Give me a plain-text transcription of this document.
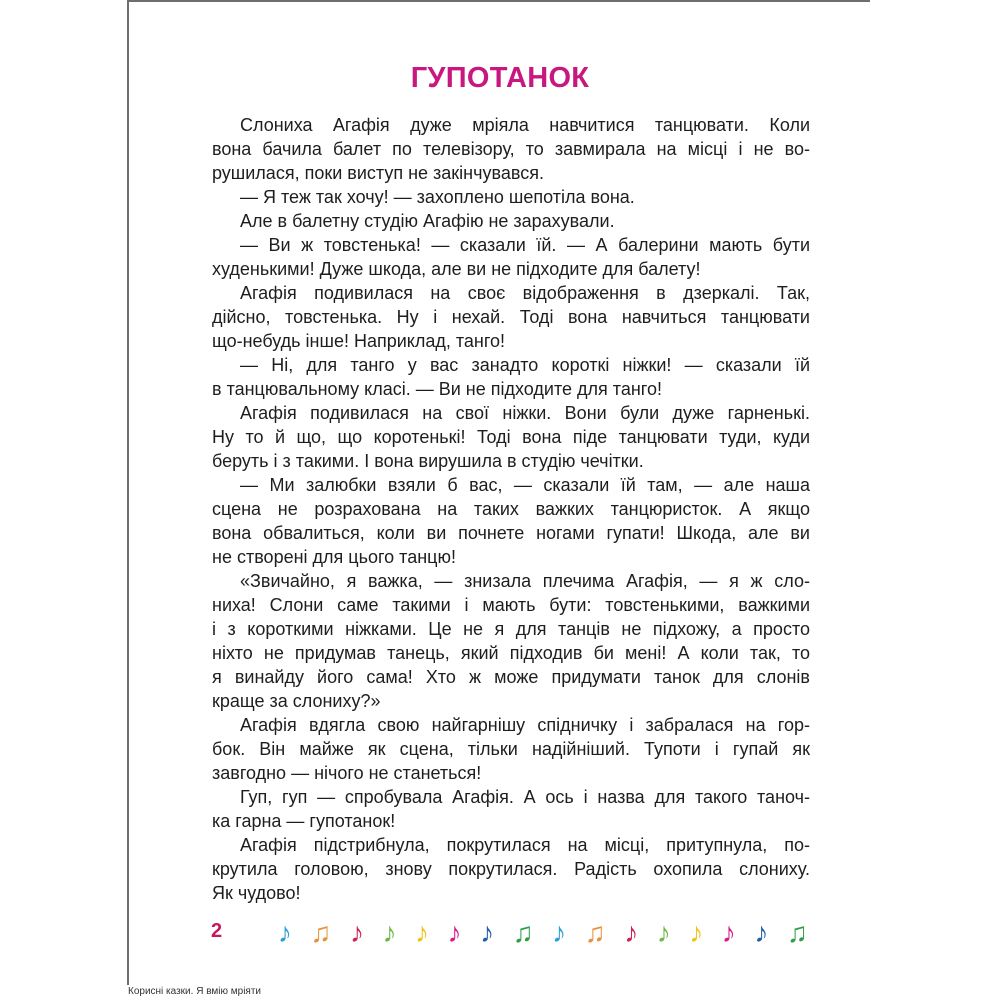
ГУПОТАНОК
Слониха Агафія дуже мріяла навчитися танцювати. Коли
вона бачила балет по телевізору, то завмирала на місці і не во-
рушилася, поки виступ не закінчувався.
— Я теж так хочу! — захоплено шепотіла вона.
Але в балетну студію Агафію не зарахували.
— Ви ж товстенька! — сказали їй. — А балерини мають бути
худенькими! Дуже шкода, але ви не підходите для балету!
Агафія подивилася на своє відображення в дзеркалі. Так,
дійсно, товстенька. Ну і нехай. Тоді вона навчиться танцювати
що-небудь інше! Наприклад, танго!
— Ні, для танго у вас занадто короткі ніжки! — сказали їй
в танцювальному класі. — Ви не підходите для танго!
Агафія подивилася на свої ніжки. Вони були дуже гарненькі.
Ну то й що, що коротенькі! Тоді вона піде танцювати туди, куди
беруть і з такими. І вона вирушила в студію чечітки.
— Ми залюбки взяли б вас, — сказали їй там, — але наша
сцена не розрахована на таких важких танцюристок. А якщо
вона обвалиться, коли ви почнете ногами гупати! Шкода, але ви
не створені для цього танцю!
«Звичайно, я важка, — знизала плечима Агафія, — я ж сло-
ниха! Слони саме такими і мають бути: товстенькими, важкими
і з короткими ніжками. Це не я для танців не підхожу, а просто
ніхто не придумав танець, який підходив би мені! А коли так, то
я винайду його сама! Хто ж може придумати танок для слонів
краще за слониху?»
Агафія вдягла свою найгарнішу спідничку і забралася на гор-
бок. Він майже як сцена, тільки надійніший. Тупоти і гупай як
завгодно — нічого не станеться!
Гуп, гуп — спробувала Агафія. А ось і назва для такого таноч-
ка гарна — гупотанок!
Агафія підстрибнула, покрутилася на місці, притупнула, по-
крутила головою, знову покрутилася. Радість охопила слониху.
Як чудово!
2 ♪ ♫ ♪ ♪ ♪ ♪ ♪ ♫ ♪ ♫ ♪ ♪ ♪ ♪ ♪ ♫
Корисні казки. Я вмію мріяти
